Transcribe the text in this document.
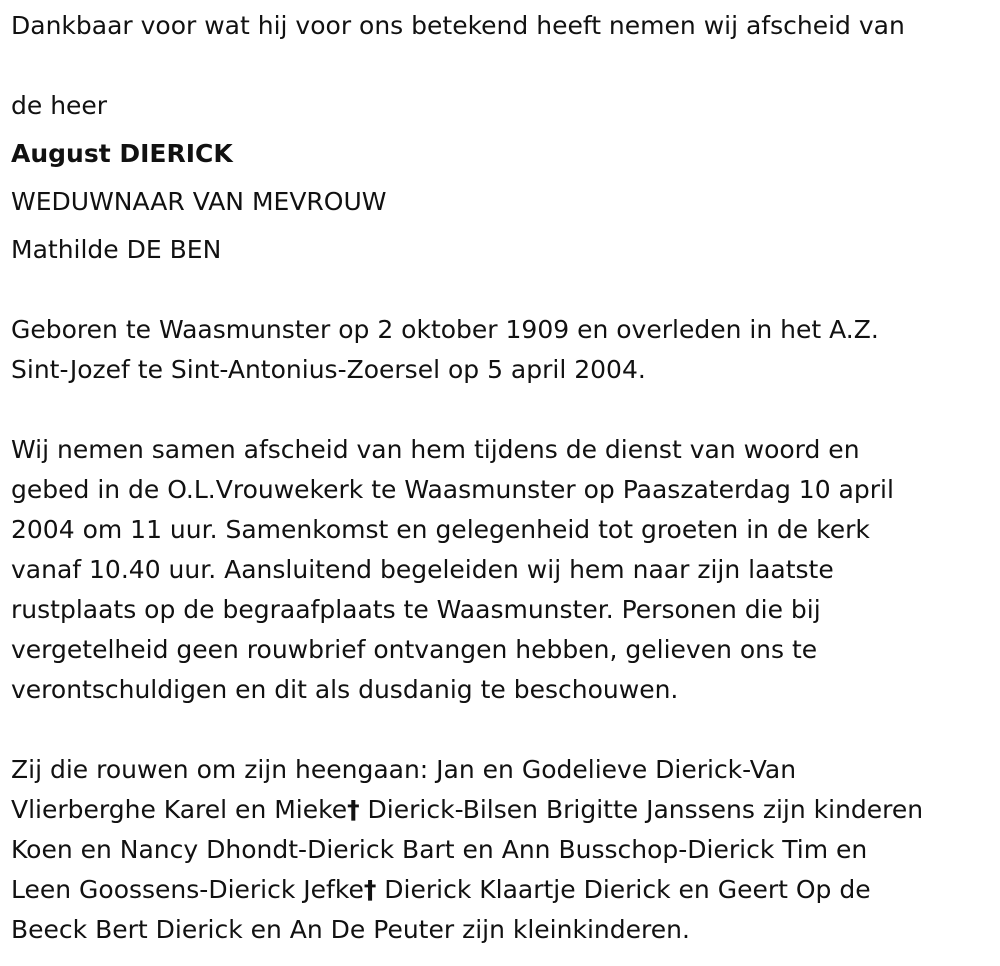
Dankbaar voor wat hij voor ons betekend heeft nemen wij afscheid van
de heer
August DIERICK
WEDUWNAAR VAN MEVROUW
Mathilde DE BEN
Geboren te Waasmunster op 2 oktober 1909 en overleden in het A.Z.
Sint-Jozef te Sint-Antonius-Zoersel op 5 april 2004.
Wij nemen samen afscheid van hem tijdens de dienst van woord en
gebed in de O.L.Vrouwekerk te Waasmunster op Paaszaterdag 10 april
2004 om 11 uur. Samenkomst en gelegenheid tot groeten in de kerk
vanaf 10.40 uur. Aansluitend begeleiden wij hem naar zijn laatste
rustplaats op de begraafplaats te Waasmunster. Personen die bij
vergetelheid geen rouwbrief ontvangen hebben, gelieven ons te
verontschuldigen en dit als dusdanig te beschouwen.
Zij die rouwen om zijn heengaan: Jan en Godelieve Dierick-Van
Vlierberghe Karel en Mieke† Dierick-Bilsen Brigitte Janssens zijn kinderen
Koen en Nancy Dhondt-Dierick Bart en Ann Busschop-Dierick Tim en
Leen Goossens-Dierick Jefke† Dierick Klaartje Dierick en Geert Op de
Beeck Bert Dierick en An De Peuter zijn kleinkinderen.
